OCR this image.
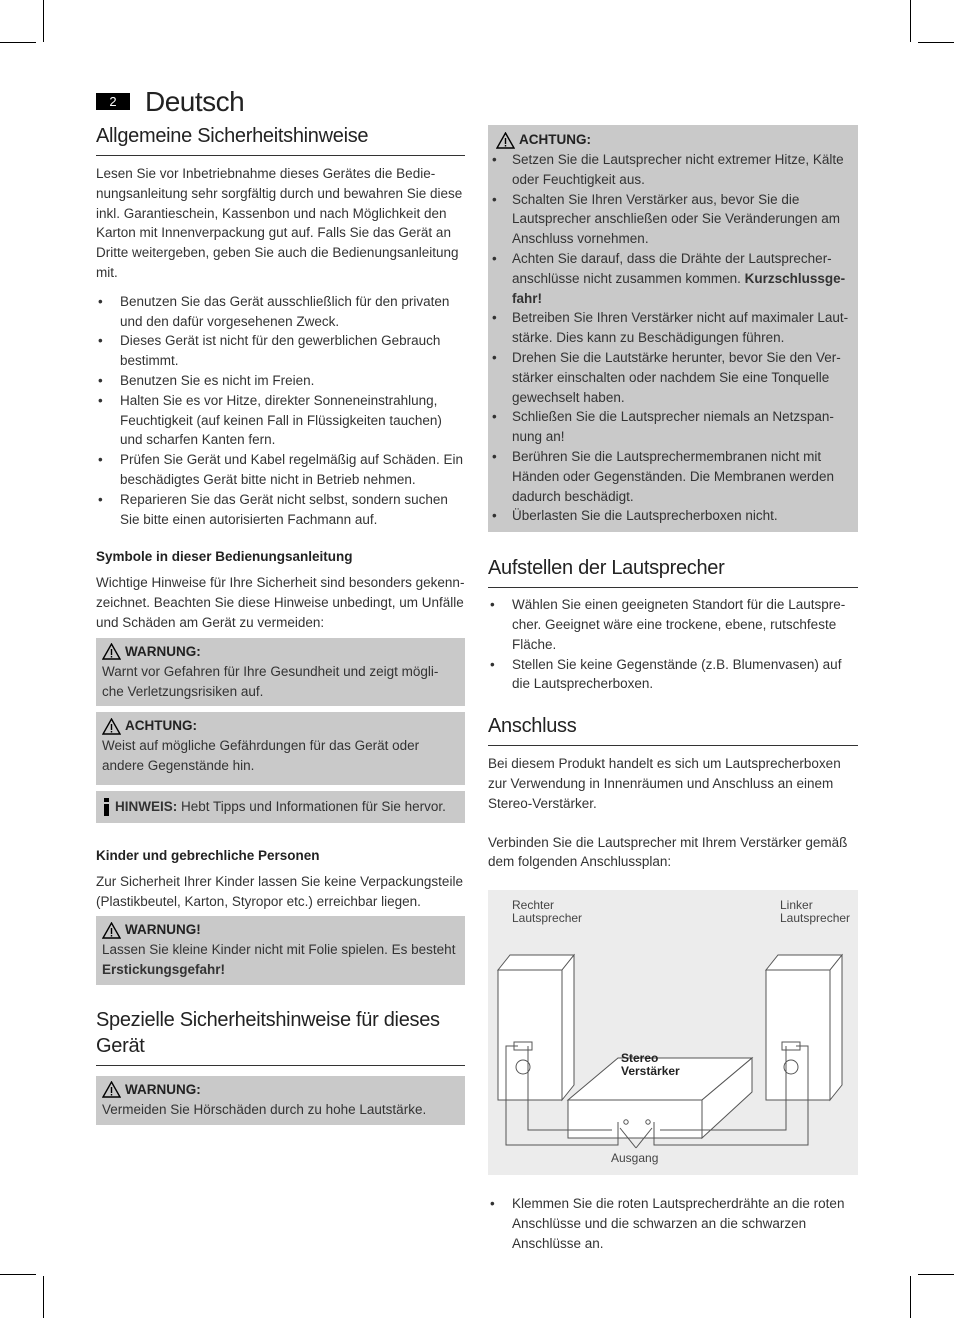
2	Deutsch
Allgemeine Sicherheitshinweise

Lesen Sie vor Inbetriebnahme dieses Gerätes die Bedie-nungsanleitung sehr sorgfältig durch und bewahren Sie diese inkl. Garantieschein, Kassenbon und nach Möglichkeit den Karton mit Innenverpackung gut auf. Falls Sie das Gerät an Dritte weitergeben, geben Sie auch die Bedienungsanleitung mit.

• Benutzen Sie das Gerät ausschließlich für den privaten und den dafür vorgesehenen Zweck.
• Dieses Gerät ist nicht für den gewerblichen Gebrauch bestimmt.
• Benutzen Sie es nicht im Freien.
• Halten Sie es vor Hitze, direkter Sonneneinstrahlung, Feuchtigkeit (auf keinen Fall in Flüssigkeiten tauchen) und scharfen Kanten fern.
• Prüfen Sie Gerät und Kabel regelmäßig auf Schäden. Ein beschädigtes Gerät bitte nicht in Betrieb nehmen.
• Reparieren Sie das Gerät nicht selbst, sondern suchen Sie bitte einen autorisierten Fachmann auf.
Symbole in dieser Bedienungsanleitung

Wichtige Hinweise für Ihre Sicherheit sind besonders gekenn-zeichnet. Beachten Sie diese Hinweise unbedingt, um Unfälle und Schäden am Gerät zu vermeiden:

WARNUNG:
Warnt vor Gefahren für Ihre Gesundheit und zeigt mögli-che Verletzungsrisiken auf.
ACHTUNG:
Weist auf mögliche Gefährdungen für das Gerät oder andere Gegenstände hin.
HINWEIS:
Hebt Tipps und Informationen für Sie hervor.
Kinder und gebrechliche Personen

Zur Sicherheit Ihrer Kinder lassen Sie keine Verpackungsteile (Plastikbeutel, Karton, Styropor etc.) erreichbar liegen.

WARNUNG!
Lassen Sie kleine Kinder nicht mit Folie spielen. Es besteht
Erstickungsgefahr!
Spezielle Sicherheitshinweise für dieses Gerät
WARNUNG:
Vermeiden Sie Hörschäden durch zu hohe Lautstärke.
ACHTUNG:
• Setzen Sie die Lautsprecher nicht extremer Hitze, Kälte oder Feuchtigkeit aus.
• Schalten Sie Ihren Verstärker aus, bevor Sie die Lautsprecher anschließen oder Sie Veränderungen am Anschluss vornehmen.
• Achten Sie darauf, dass die Drähte der Lautsprecher-anschlüsse nicht zusammen kommen. Kurzschlussge-fahr!
• Betreiben Sie Ihren Verstärker nicht auf maximaler Laut-stärke. Dies kann zu Beschädigungen führen.
• Drehen Sie die Lautstärke herunter, bevor Sie den Ver-stärker einschalten oder nachdem Sie eine Tonquelle gewechselt haben.
• Schließen Sie die Lautsprecher niemals an Netzspan-nung an!
• Berühren Sie die Lautsprechermembranen nicht mit Händen oder Gegenständen. Die Membranen werden dadurch beschädigt.
• Überlasten Sie die Lautsprecherboxen nicht.
Aufstellen der Lautsprecher
• Wählen Sie einen geeigneten Standort für die Lautspre-cher. Geeignet wäre eine trockene, ebene, rutschfeste Fläche.
• Stellen Sie keine Gegenstände (z.B. Blumenvasen) auf die Lautsprecherboxen.
Anschluss

Bei diesem Produkt handelt es sich um Lautsprecherboxen zur Verwendung in Innenräumen und Anschluss an einem Stereo-Verstärker.

Verbinden Sie die Lautsprecher mit Ihrem Verstärker gemäß dem folgenden Anschlussplan:

Rechter
Lautsprecher
Linker
Lautsprecher
Stereo
Verstärker
Ausgang
• Klemmen Sie die roten Lautsprecherdrähte an die roten Anschlüsse und die schwarzen an die schwarzen Anschlüsse an.
